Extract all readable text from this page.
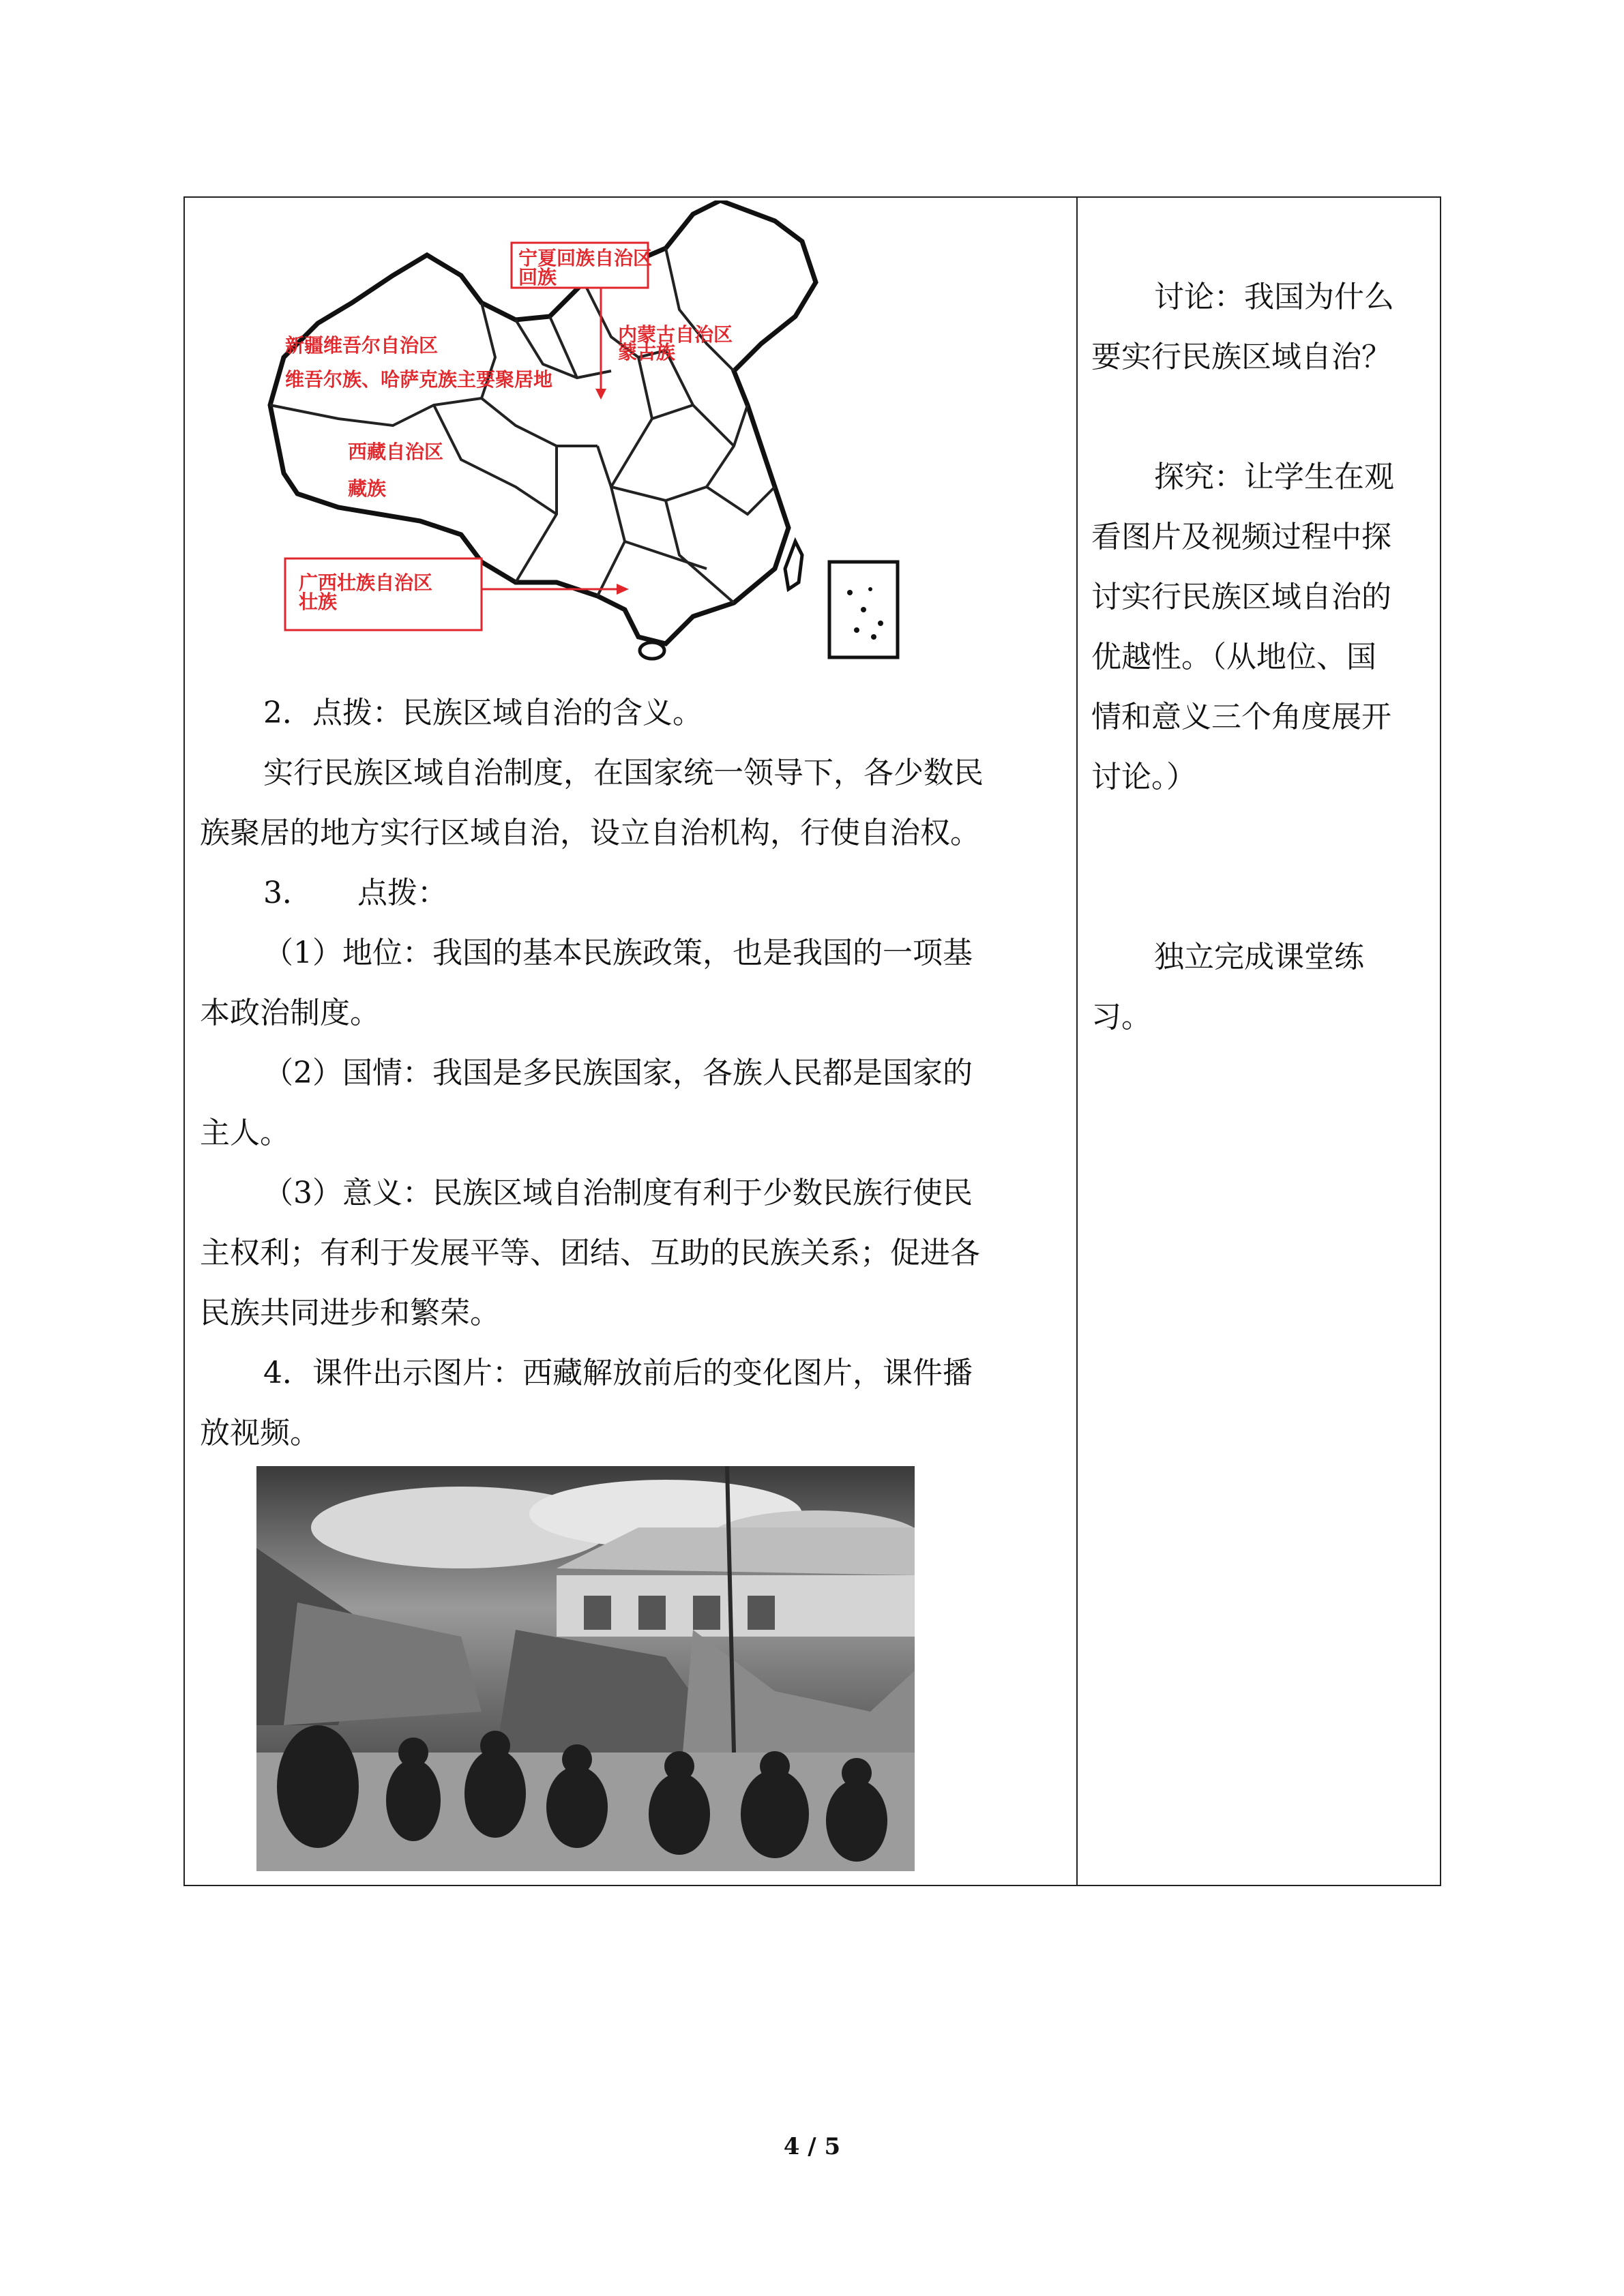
宁夏回族自治区
回族
内蒙古自治区
蒙古族
新疆维吾尔自治区
维吾尔族、哈萨克族主要聚居地
西藏自治区
藏族
广西壮族自治区
壮族

2．点拨：民族区域自治的含义。

实行民族区域自治制度，在国家统一领导下，各少数民

族聚居的地方实行区域自治，设立自治机构，行使自治权。

3．　　点拨：

（1）地位：我国的基本民族政策，也是我国的一项基

本政治制度。

（2）国情：我国是多民族国家，各族人民都是国家的

主人。

（3）意义：民族区域自治制度有利于少数民族行使民

主权利；有利于发展平等、团结、互助的民族关系；促进各

民族共同进步和繁荣。

4．课件出示图片：西藏解放前后的变化图片，课件播

放视频。

讨论：我国为什么

要实行民族区域自治？

探究：让学生在观

看图片及视频过程中探

讨实行民族区域自治的

优越性。（从地位、国

情和意义三个角度展开

讨论。）

独立完成课堂练

习。

4 / 5
